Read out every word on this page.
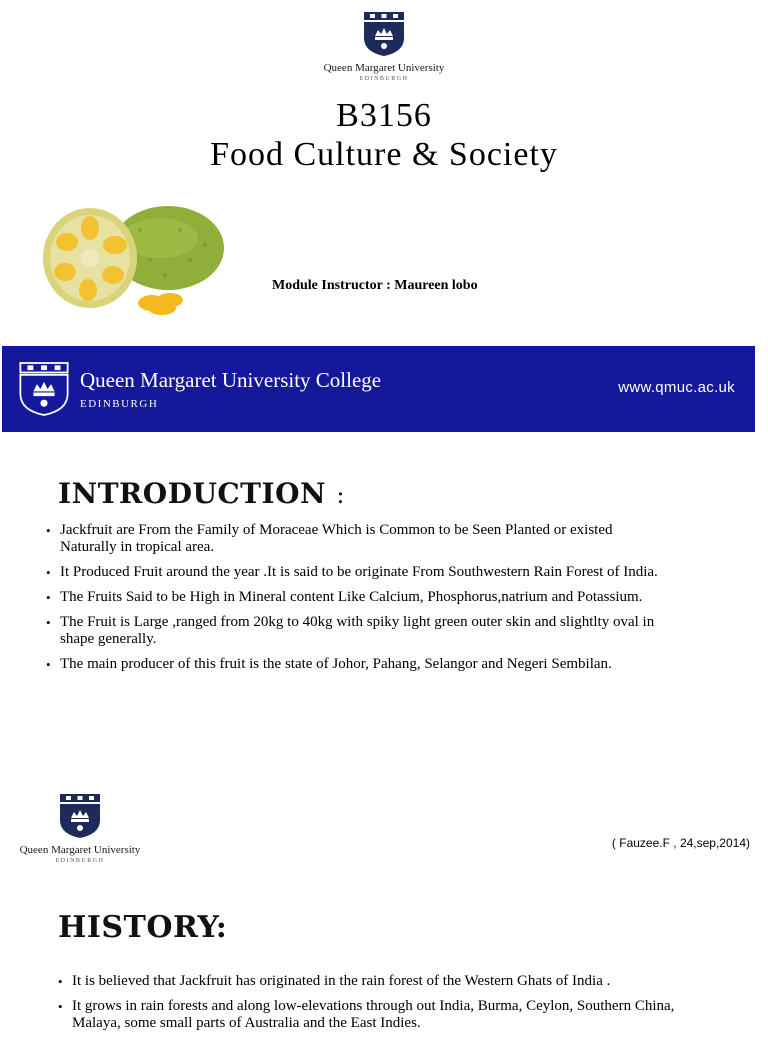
Queen Margaret University
EDINBURGH
B3156
Food Culture & Society
Module Instructor : Maureen lobo
Queen Margaret University College
EDINBURGH
www.qmuc.ac.uk
INTRODUCTION :
• Jackfruit are From the Family of Moraceae Which is Common to be Seen Planted or existed Naturally in tropical area.
• It Produced Fruit around the year .It is said to be originate From Southwestern Rain Forest of India.
• The Fruits Said to be High in Mineral content Like Calcium, Phosphorus,natrium and Potassium.
• The Fruit is Large ,ranged from 20kg to 40kg with spiky light green outer skin and slightlty oval in shape generally.
• The main producer of this fruit is the state of Johor, Pahang, Selangor and Negeri Sembilan.
Queen Margaret University
EDINBURGH
( Fauzee.F , 24,sep,2014)
HISTORY:
• It is believed that Jackfruit has originated in the rain forest of the Western Ghats of India .
• It grows in rain forests and along low-elevations through out India, Burma, Ceylon, Southern China, Malaya, some small parts of Australia and the East Indies.
